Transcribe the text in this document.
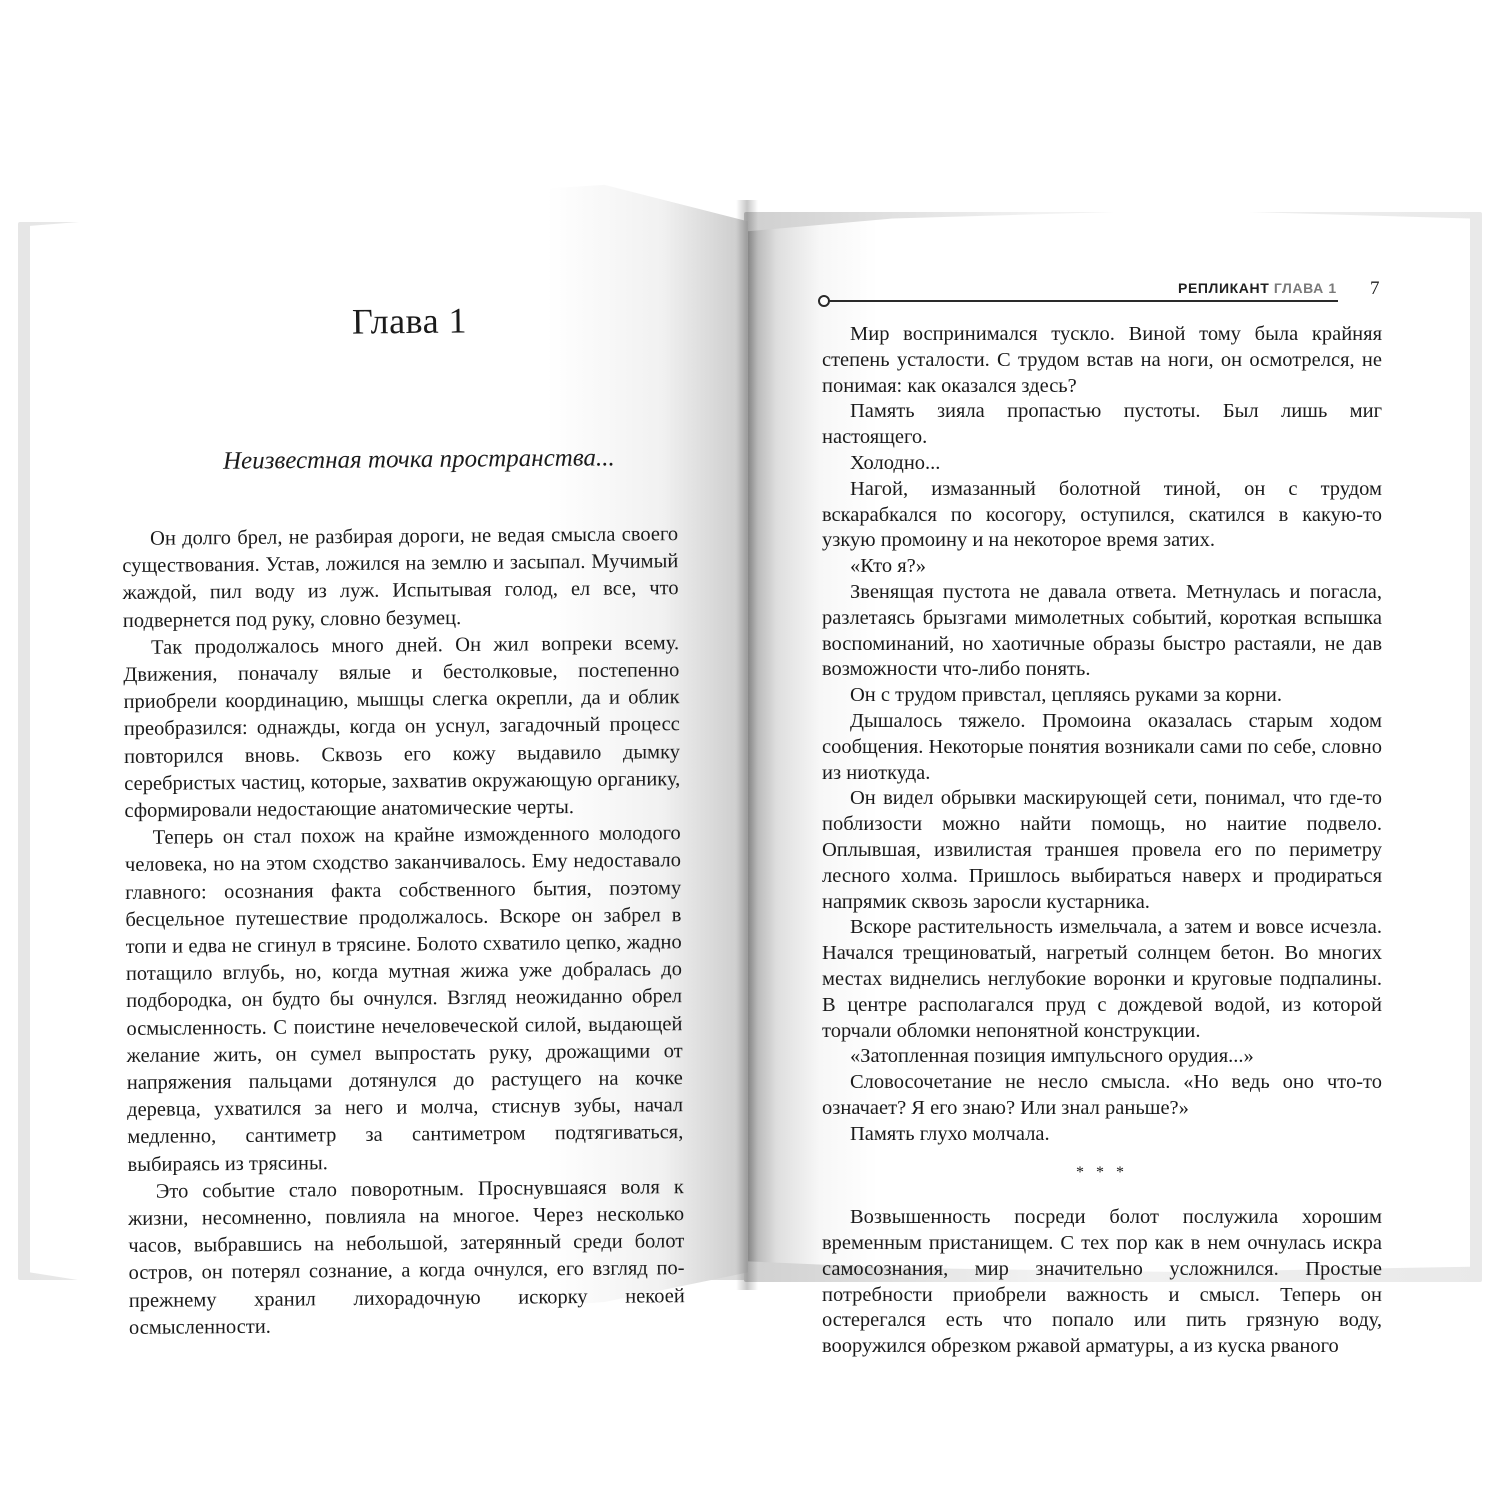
Глава 1
Неизвестная точка пространства...

Он долго брел, не разбирая дороги, не ведая смысла своего существования. Устав, ложился на землю и засыпал. Мучимый жаждой, пил воду из луж. Испытывая голод, ел все, что подвернется под руку, словно безумец.

Так продолжалось много дней. Он жил вопреки всему. Движения, поначалу вялые и бестолковые, постепенно приобрели координацию, мышцы слегка окрепли, да и облик преобразился: однажды, когда он уснул, загадочный процесс повторился вновь. Сквозь его кожу выдавило дымку серебристых частиц, которые, захватив окружающую органику, сформировали недостающие анатомические черты.

Теперь он стал похож на крайне изможденного молодого человека, но на этом сходство заканчивалось. Ему недоставало главного: осознания факта собственного бытия, поэтому бесцельное путешествие продолжалось. Вскоре он забрел в топи и едва не сгинул в трясине. Болото схватило цепко, жадно потащило вглубь, но, когда мутная жижа уже добралась до подбородка, он будто бы очнулся. Взгляд неожиданно обрел осмысленность. С поистине нечеловеческой силой, выдающей желание жить, он сумел выпростать руку, дрожащими от напряжения пальцами дотянулся до растущего на кочке деревца, ухватился за него и молча, стиснув зубы, начал медленно, сантиметр за сантиметром подтягиваться, выбираясь из трясины.

Это событие стало поворотным. Проснувшаяся воля к жизни, несомненно, повлияла на многое. Через несколько часов, выбравшись на небольшой, затерянный среди болот остров, он потерял сознание, а когда очнулся, его взгляд по-прежнему хранил лихорадочную искорку некоей осмысленности.

РЕПЛИКАНТ ГЛАВА 1 7

Мир воспринимался тускло. Виной тому была крайняя степень усталости. С трудом встав на ноги, он осмотрелся, не понимая: как оказался здесь?

Память зияла пропастью пустоты. Был лишь миг настоящего.

Холодно...

Нагой, измазанный болотной тиной, он с трудом вскарабкался по косогору, оступился, скатился в какую-то узкую промоину и на некоторое время затих.

«Кто я?»

Звенящая пустота не давала ответа. Метнулась и погасла, разлетаясь брызгами мимолетных событий, короткая вспышка воспоминаний, но хаотичные образы быстро растаяли, не дав возможности что-либо понять.

Он с трудом привстал, цепляясь руками за корни.

Дышалось тяжело. Промоина оказалась старым ходом сообщения. Некоторые понятия возникали сами по себе, словно из ниоткуда.

Он видел обрывки маскирующей сети, понимал, что где-то поблизости можно найти помощь, но наитие подвело. Оплывшая, извилистая траншея провела его по периметру лесного холма. Пришлось выбираться наверх и продираться напрямик сквозь заросли кустарника.

Вскоре растительность измельчала, а затем и вовсе исчезла. Начался трещиноватый, нагретый солнцем бетон. Во многих местах виднелись неглубокие воронки и круговые подпалины. В центре располагался пруд с дождевой водой, из которой торчали обломки непонятной конструкции.

«Затопленная позиция импульсного орудия...»

Словосочетание не несло смысла. «Но ведь оно что-то означает? Я его знаю? Или знал раньше?»

Память глухо молчала.

* * *

Возвышенность посреди болот послужила хорошим временным пристанищем. С тех пор как в нем очнулась искра самосознания, мир значительно усложнился. Простые потребности приобрели важность и смысл. Теперь он остерегался есть что попало или пить грязную воду, вооружился обрезком ржавой арматуры, а из куска рваного
